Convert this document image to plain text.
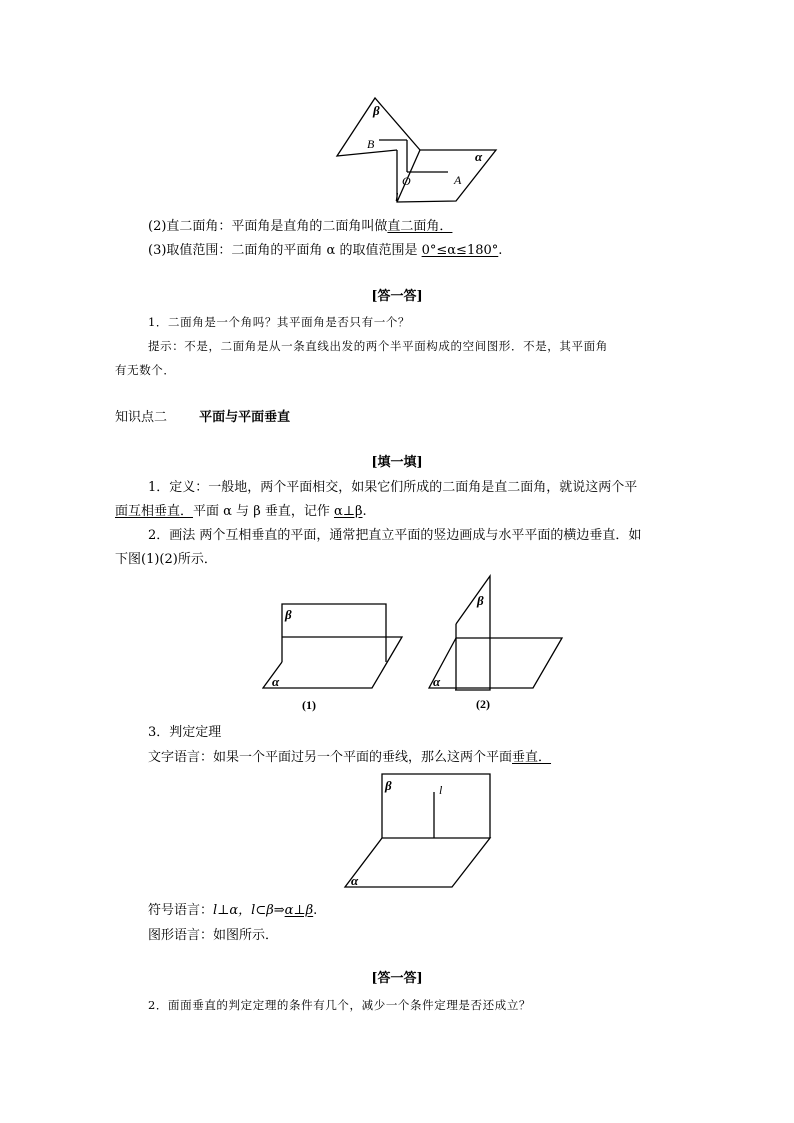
β
α
B
O	A
l
(2)直二面角：平面角是直角的二面角叫做直二面角．
(3)取值范围：二面角的平面角 α 的取值范围是 0°≤α≤180°.
[答一答]
1．二面角是一个角吗？其平面角是否只有一个？
提示：不是，二面角是从一条直线出发的两个半平面构成的空间图形．不是，其平面角
有无数个．
知识点二 平面与平面垂直
[填一填]
1．定义：一般地，两个平面相交，如果它们所成的二面角是直二面角，就说这两个平
面互相垂直．平面 α 与 β 垂直，记作 α⊥β.
2．画法 两个互相垂直的平面，通常把直立平面的竖边画成与水平平面的横边垂直．如
下图(1)(2)所示．
β
α
(1)
β
α
(2)
3．判定定理
文字语言：如果一个平面过另一个平面的垂线，那么这两个平面垂直．
β	l
α
符号语言：l⊥α，l⊂β⇒α⊥β.
图形语言：如图所示．
[答一答]
2．面面垂直的判定定理的条件有几个，减少一个条件定理是否还成立？
